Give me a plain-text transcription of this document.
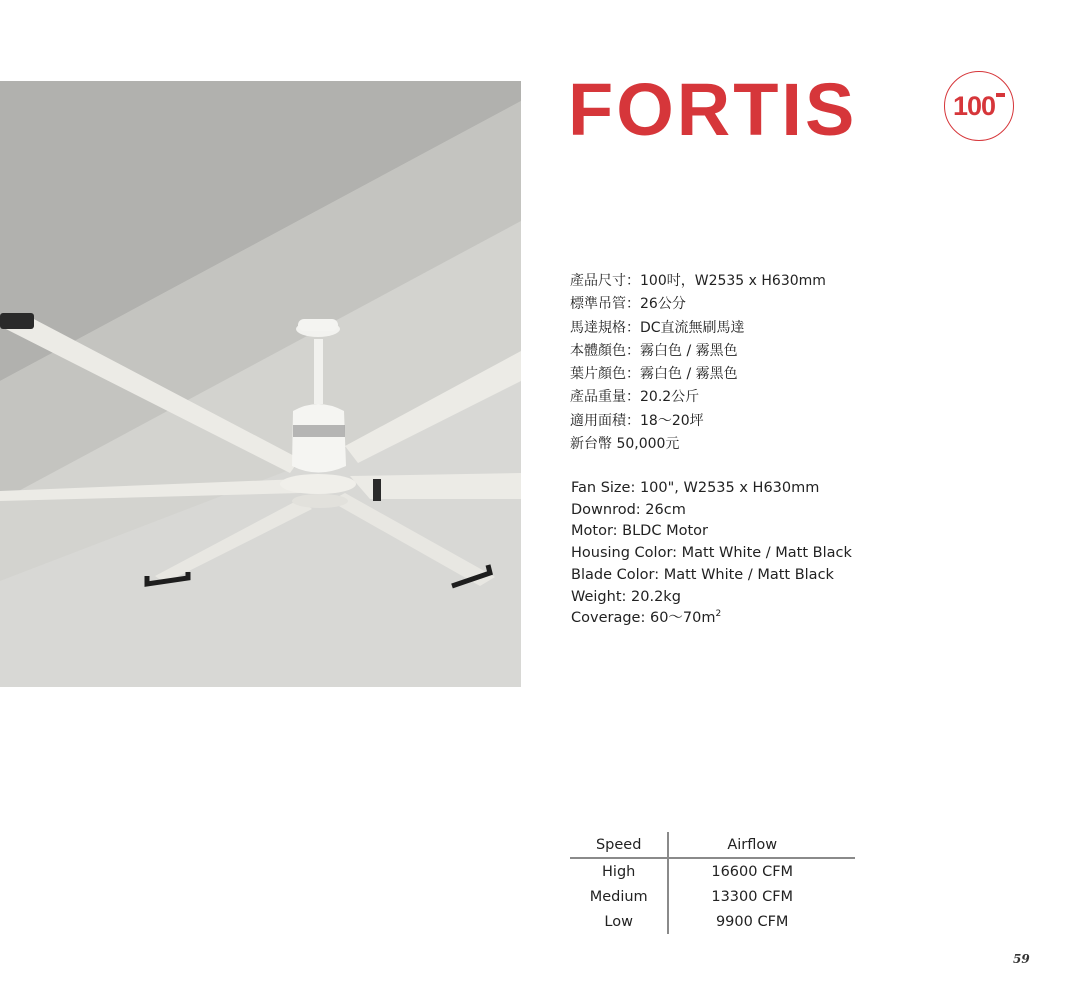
FORTIS	100
產品尺寸：100吋，W2535 x H630mm
標準吊管：26公分
馬達規格：DC直流無刷馬達
本體顏色：霧白色 / 霧黑色
葉片顏色：霧白色 / 霧黑色
產品重量：20.2公斤
適用面積：18～20坪
新台幣 50,000元
Fan Size: 100", W2535 x H630mm
Downrod: 26cm
Motor: BLDC Motor
Housing Color: Matt White / Matt Black
Blade Color: Matt White / Matt Black
Weight: 20.2kg
Coverage: $60\sim 70m^2$
Speed	Airflow
High	16600 CFM
Medium	13300 CFM
Low	9900 CFM
59
